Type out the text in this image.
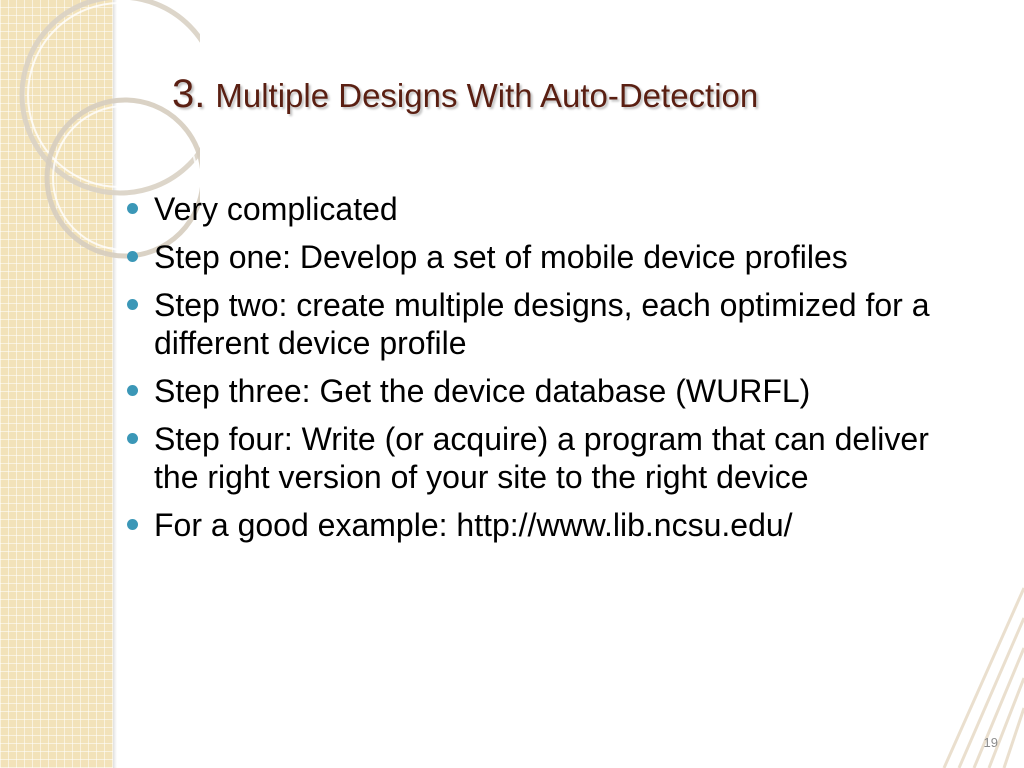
3. Multiple Designs With Auto-Detection
Very complicated
Step one: Develop a set of mobile device profiles
Step two: create multiple designs, each optimized for a different device profile
Step three: Get the device database (WURFL)
Step four: Write (or acquire) a program that can deliver the right version of your site to the right device
For a good example: http://www.lib.ncsu.edu/
19
